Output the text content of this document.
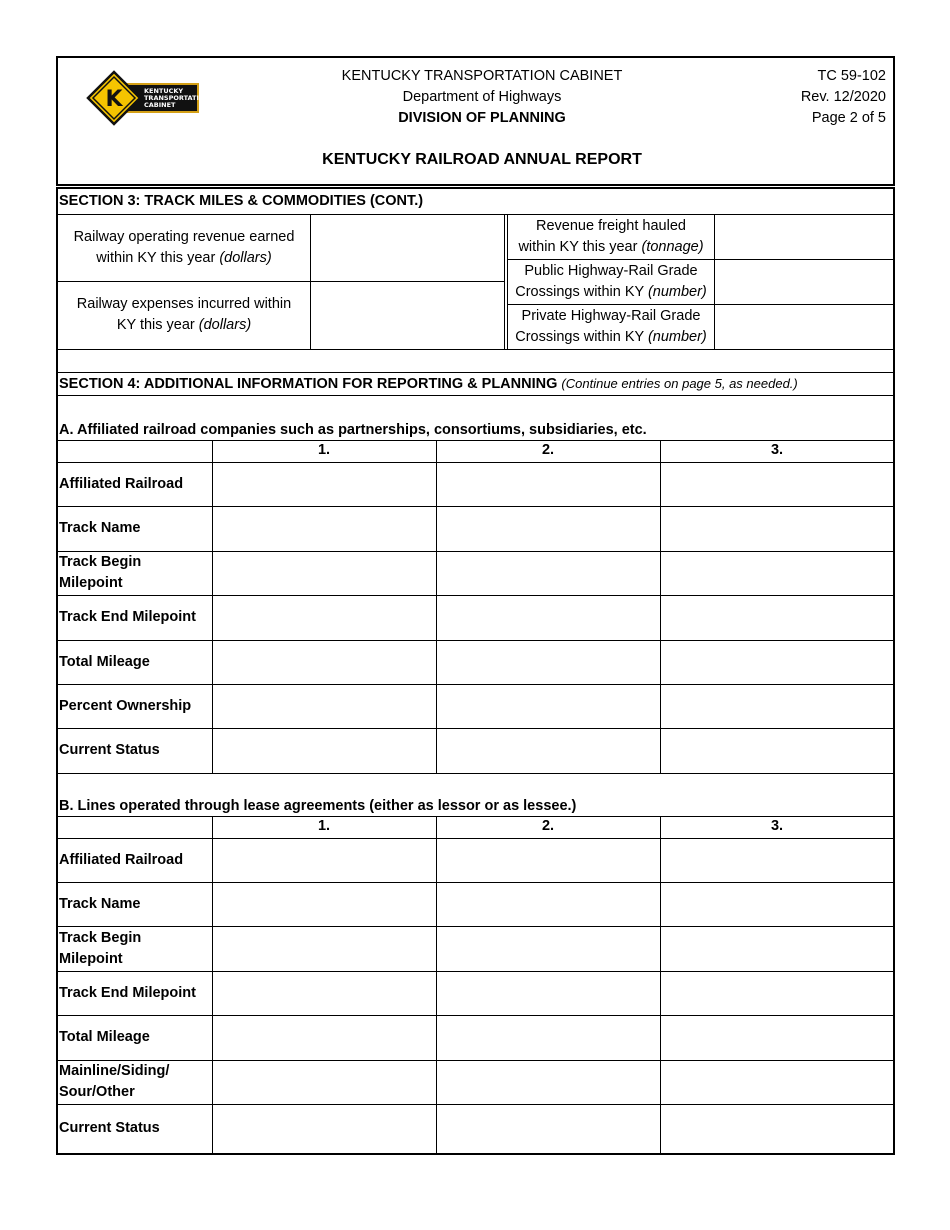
K	KENTUCKY
TRANSPORTATION
CABINET
KENTUCKY TRANSPORTATION CABINET
Department of Highways
DIVISION OF PLANNING
TC 59-102
Rev. 12/2020
Page 2 of 5
KENTUCKY RAILROAD ANNUAL REPORT
SECTION 3: TRACK MILES & COMMODITIES (CONT.)
Railway operating revenue earned
within KY this year (dollars)
Railway expenses incurred within
KY this year (dollars)
Revenue freight hauled
within KY this year (tonnage)
Public Highway-Rail Grade
Crossings within KY (number)
Private Highway-Rail Grade
Crossings within KY (number)
SECTION 4: ADDITIONAL INFORMATION FOR REPORTING & PLANNING (Continue entries on page 5, as needed.)
A. Affiliated railroad companies such as partnerships, consortiums, subsidiaries, etc.
1.	2.	3.
Affiliated Railroad
Track Name
Track Begin
Milepoint
Track End Milepoint
Total Mileage
Percent Ownership
Current Status
B. Lines operated through lease agreements (either as lessor or as lessee.)
1.	2.	3.
Affiliated Railroad
Track Name
Track Begin
Milepoint
Track End Milepoint
Total Mileage
Mainline/Siding/
Sour/Other
Current Status
